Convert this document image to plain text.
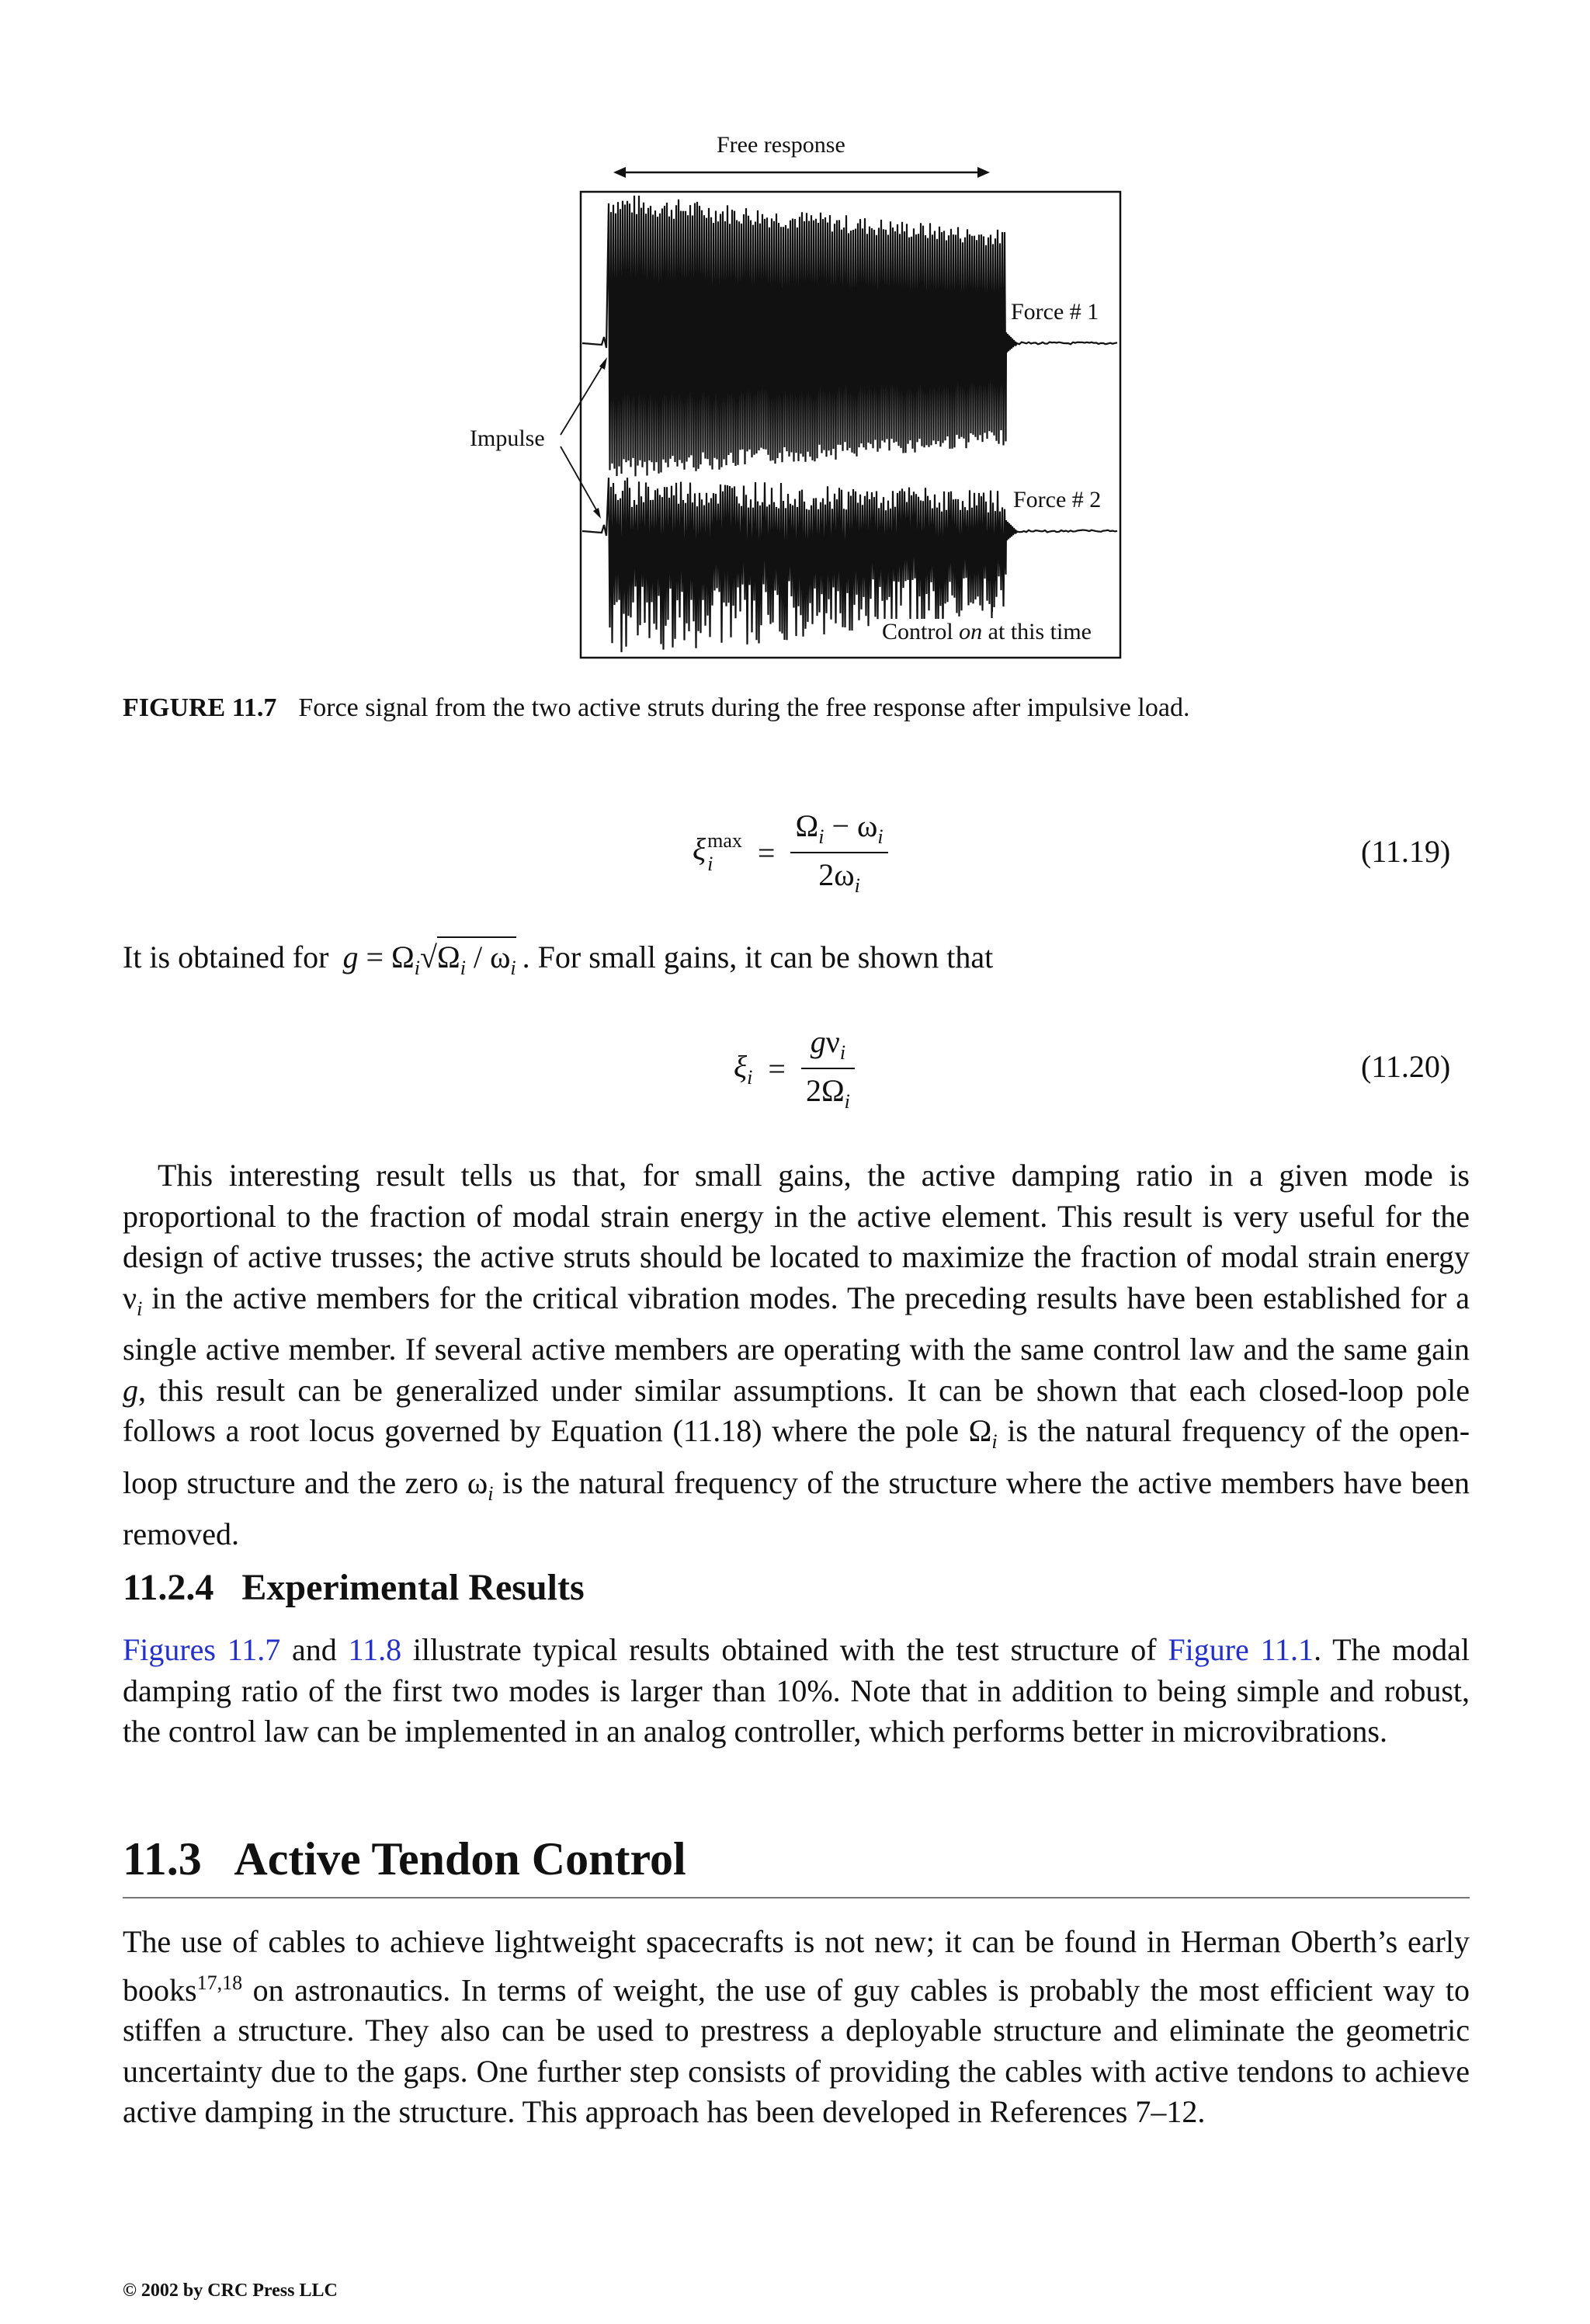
Free response
Force # 1
Force # 2
Impulse
Control on at this time
FIGURE 11.7 Force signal from the two active struts during the free response after impulsive load.
ξmax
$i = \frac{\Omega_i - \omega_i}{2\omega_i}$	(11.19)
It is obtained for $g = \Omega_i√\Omega_i / \omega_i$ . For small gains, it can be shown that
$\xi_i = \frac{g\nu_i}{2\Omega_i}$	(11.20)

This interesting result tells us that, for small gains, the active damping ratio in a given mode is proportional to the fraction of modal strain energy in the active element. This result is very useful for the design of active trusses; the active struts should be located to maximize the fraction of modal strain energy $\nu_i$ in the active members for the critical vibration modes. The preceding results have been established for a single active member. If several active members are operating with the same control law and the same gain g, this result can be generalized under similar assumptions. It can be shown that each closed-loop pole follows a root locus governed by Equation (11.18) where the pole $\Omega_i$ is the natural frequency of the open-loop structure and the zero $\omega_i$ is the natural frequency of the structure where the active members have been removed.

11.2.4   Experimental Results

Figures 11.7 and 11.8 illustrate typical results obtained with the test structure of Figure 11.1. The modal damping ratio of the first two modes is larger than 10%. Note that in addition to being simple and robust, the control law can be implemented in an analog controller, which performs better in microvibrations.

11.3   Active Tendon Control

The use of cables to achieve lightweight spacecrafts is not new; it can be found in Herman Oberth’s early books$^{17,18}$ on astronautics. In terms of weight, the use of guy cables is probably the most efficient way to stiffen a structure. They also can be used to prestress a deployable structure and eliminate the geometric uncertainty due to the gaps. One further step consists of providing the cables with active tendons to achieve active damping in the structure. This approach has been developed in References 7–12.

© 2002 by CRC Press LLC
